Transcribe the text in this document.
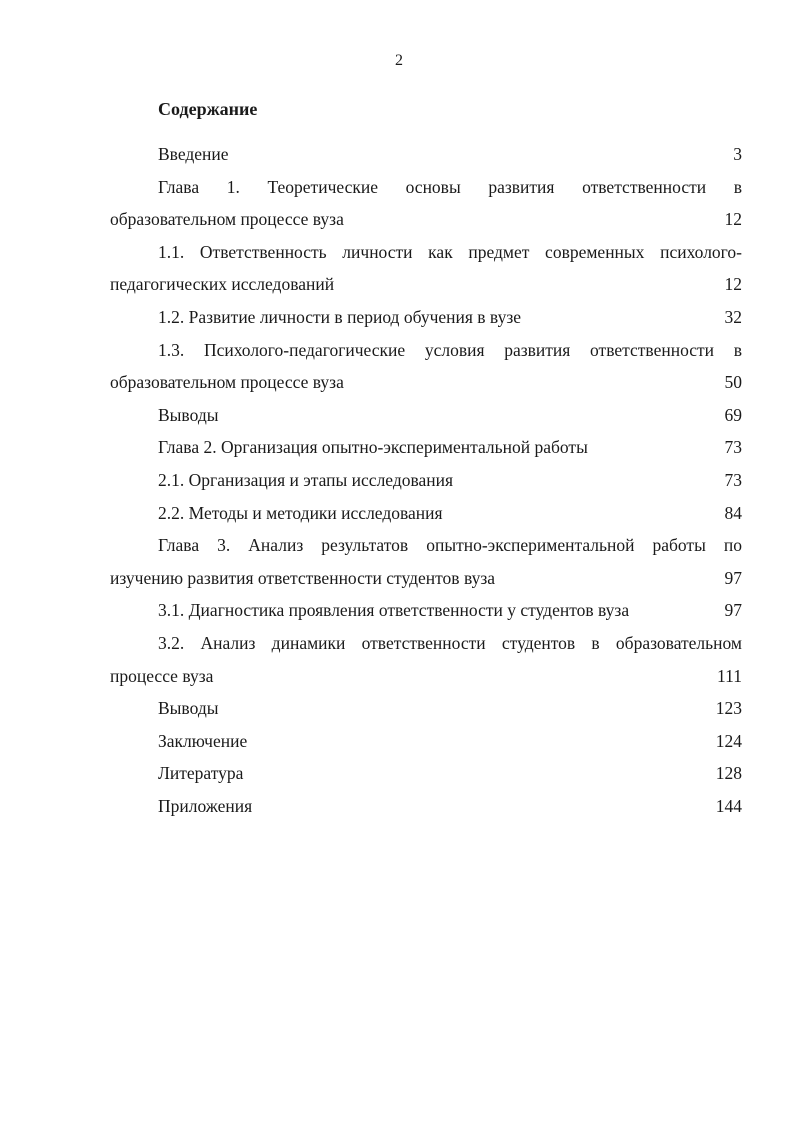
2
Содержание
Введение	3
Глава 1. Теоретические основы развития ответственности в
образовательном процессе вуза	12
1.1. Ответственность личности как предмет современных психолого-
педагогических исследований	12
1.2. Развитие личности в период обучения в вузе	32
1.3. Психолого-педагогические условия развития ответственности в
образовательном процессе вуза	50
Выводы	69
Глава 2. Организация опытно-экспериментальной работы	73
2.1. Организация и этапы исследования	73
2.2. Методы и методики исследования	84
Глава 3. Анализ результатов опытно-экспериментальной работы по
изучению развития ответственности студентов вуза	97
3.1. Диагностика проявления ответственности у студентов вуза	97
3.2. Анализ динамики ответственности студентов в образовательном
процессе вуза	111
Выводы	123
Заключение	124
Литература	128
Приложения	144
